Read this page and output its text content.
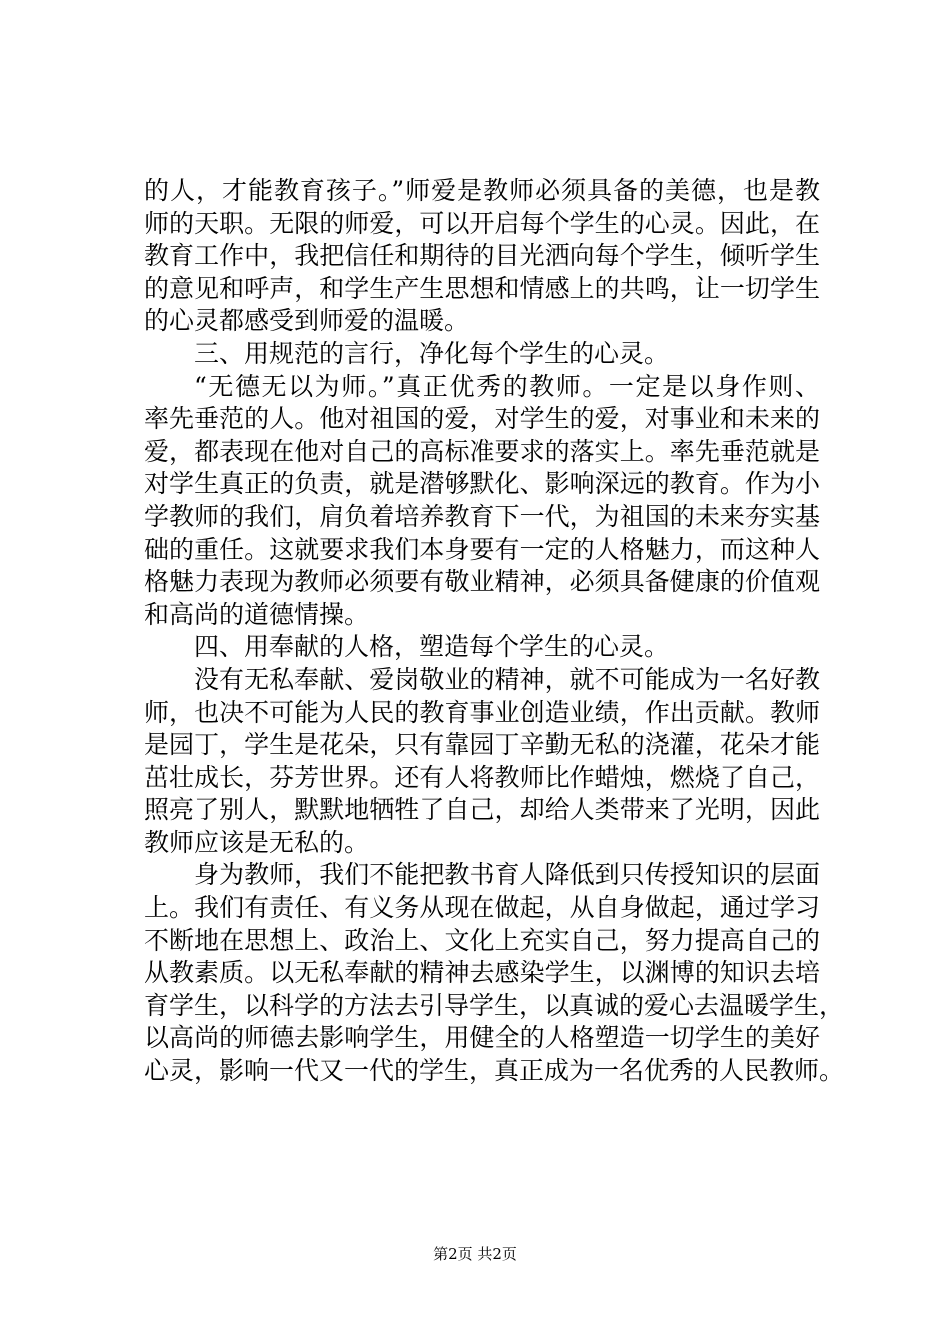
的人，才能教育孩子。”师爱是教师必须具备的美德，也是教
师的天职。无限的师爱，可以开启每个学生的心灵。因此，在
教育工作中，我把信任和期待的目光洒向每个学生，倾听学生
的意见和呼声，和学生产生思想和情感上的共鸣，让一切学生
的心灵都感受到师爱的温暖。
三、用规范的言行，净化每个学生的心灵。
“无德无以为师。”真正优秀的教师。一定是以身作则、
率先垂范的人。他对祖国的爱，对学生的爱，对事业和未来的
爱，都表现在他对自己的高标准要求的落实上。率先垂范就是
对学生真正的负责，就是潜够默化、影响深远的教育。作为小
学教师的我们，肩负着培养教育下一代，为祖国的未来夯实基
础的重任。这就要求我们本身要有一定的人格魅力，而这种人
格魅力表现为教师必须要有敬业精神，必须具备健康的价值观
和高尚的道德情操。
四、用奉献的人格，塑造每个学生的心灵。
没有无私奉献、爱岗敬业的精神，就不可能成为一名好教
师，也决不可能为人民的教育事业创造业绩，作出贡献。教师
是园丁，学生是花朵，只有靠园丁辛勤无私的浇灌，花朵才能
茁壮成长，芬芳世界。还有人将教师比作蜡烛，燃烧了自己，
照亮了别人，默默地牺牲了自己，却给人类带来了光明，因此
教师应该是无私的。
身为教师，我们不能把教书育人降低到只传授知识的层面
上。我们有责任、有义务从现在做起，从自身做起，通过学习
不断地在思想上、政治上、文化上充实自己，努力提高自己的
从教素质。以无私奉献的精神去感染学生，以渊博的知识去培
育学生，以科学的方法去引导学生，以真诚的爱心去温暖学生，
以高尚的师德去影响学生，用健全的人格塑造一切学生的美好
心灵，影响一代又一代的学生，真正成为一名优秀的人民教师。
第2页 共2页
